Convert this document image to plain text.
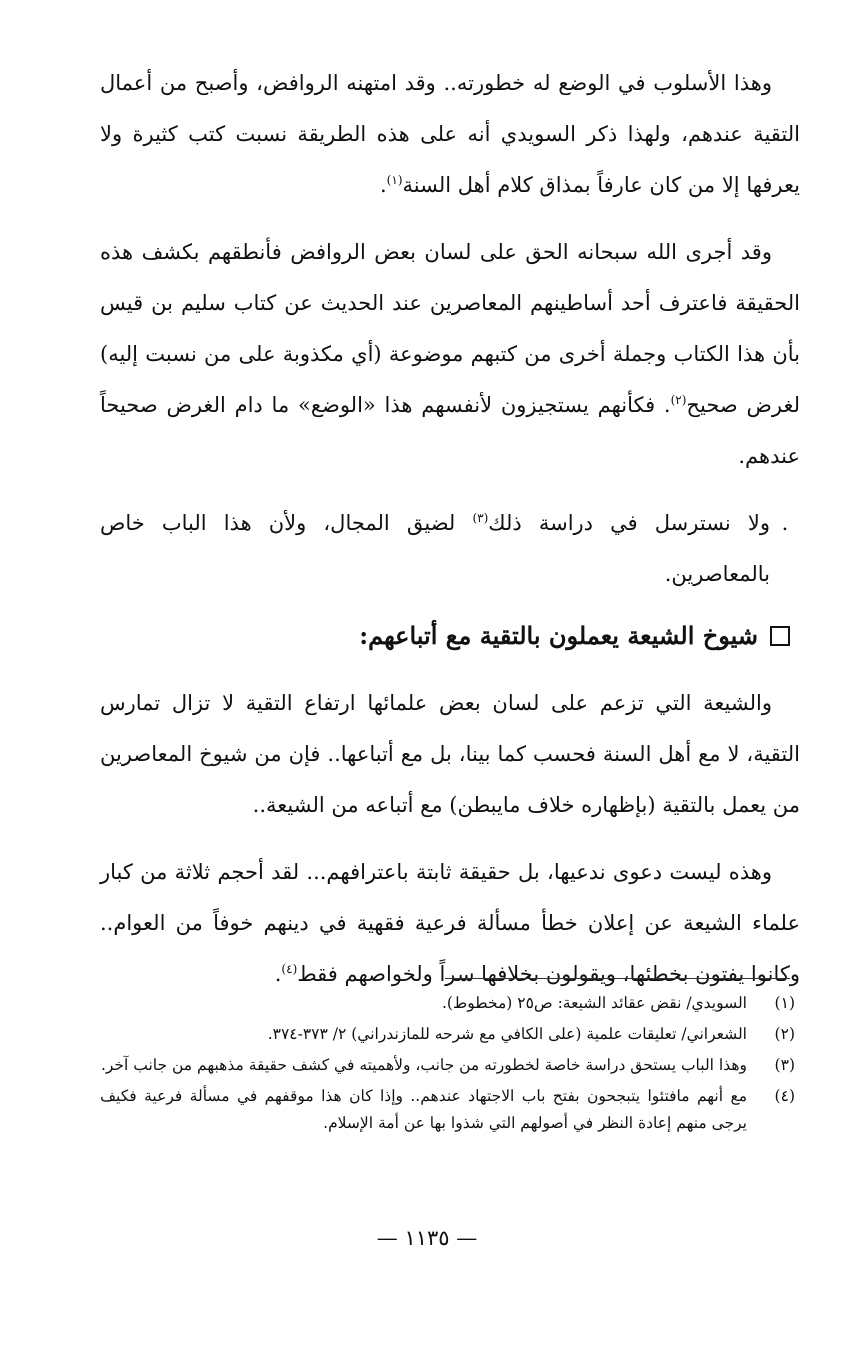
وهذا الأسلوب في الوضع له خطورته.. وقد امتهنه الروافض، وأصبح من أعمال التقية عندهم، ولهذا ذكر السويدي أنه على هذه الطريقة نسبت كتب كثيرة ولا يعرفها إلا من كان عارفاً بمذاق كلام أهل السنة$^{(١)}$.

وقد أجرى الله سبحانه الحق على لسان بعض الروافض فأنطقهم بكشف هذه الحقيقة فاعترف أحد أساطينهم المعاصرين عند الحديث عن كتاب سليم بن قيس بأن هذا الكتاب وجملة أخرى من كتبهم موضوعة (أي مكذوبة على من نسبت إليه) لغرض صحيح$^{(٢)}$. فكأنهم يستجيزون لأنفسهم هذا «الوضع» ما دام الغرض صحيحاً عندهم.

.
ولا نسترسل في دراسة ذلك$^{(٣)}$ لضيق المجال، ولأن هذا الباب خاص بالمعاصرين.
شيوخ الشيعة يعملون بالتقية مع أتباعهم:

والشيعة التي تزعم على لسان بعض علمائها ارتفاع التقية لا تزال تمارس التقية، لا مع أهل السنة فحسب كما بينا، بل مع أتباعها.. فإن من شيوخ المعاصرين من يعمل بالتقية (بإظهاره خلاف مايبطن) مع أتباعه من الشيعة..

وهذه ليست دعوى ندعيها، بل حقيقة ثابتة باعترافهم... لقد أحجم ثلاثة من كبار علماء الشيعة عن إعلان خطأ مسألة فرعية فقهية في دينهم خوفاً من العوام.. وكانوا يفتون بخطئها، ويقولون بخلافها سراً ولخواصهم فقط$^{(٤)}$.

(١)
السويدي/ نقض عقائد الشيعة: ص٢٥ (مخطوط).
(٢)
الشعراني/ تعليقات علمية (على الكافي مع شرحه للمازندراني) ٢/ ٣٧٣-٣٧٤.
(٣)
وهذا الباب يستحق دراسة خاصة لخطورته من جانب، ولأهميته في كشف حقيقة مذهبهم من جانب آخر.
(٤)
مع أنهم مافتئوا يتبجحون بفتح باب الاجتهاد عندهم.. وإذا كان هذا موقفهم في مسألة فرعية فكيف يرجى منهم إعادة النظر في أصولهم التي شذوا بها عن أمة الإسلام.
— ١١٣٥ —
